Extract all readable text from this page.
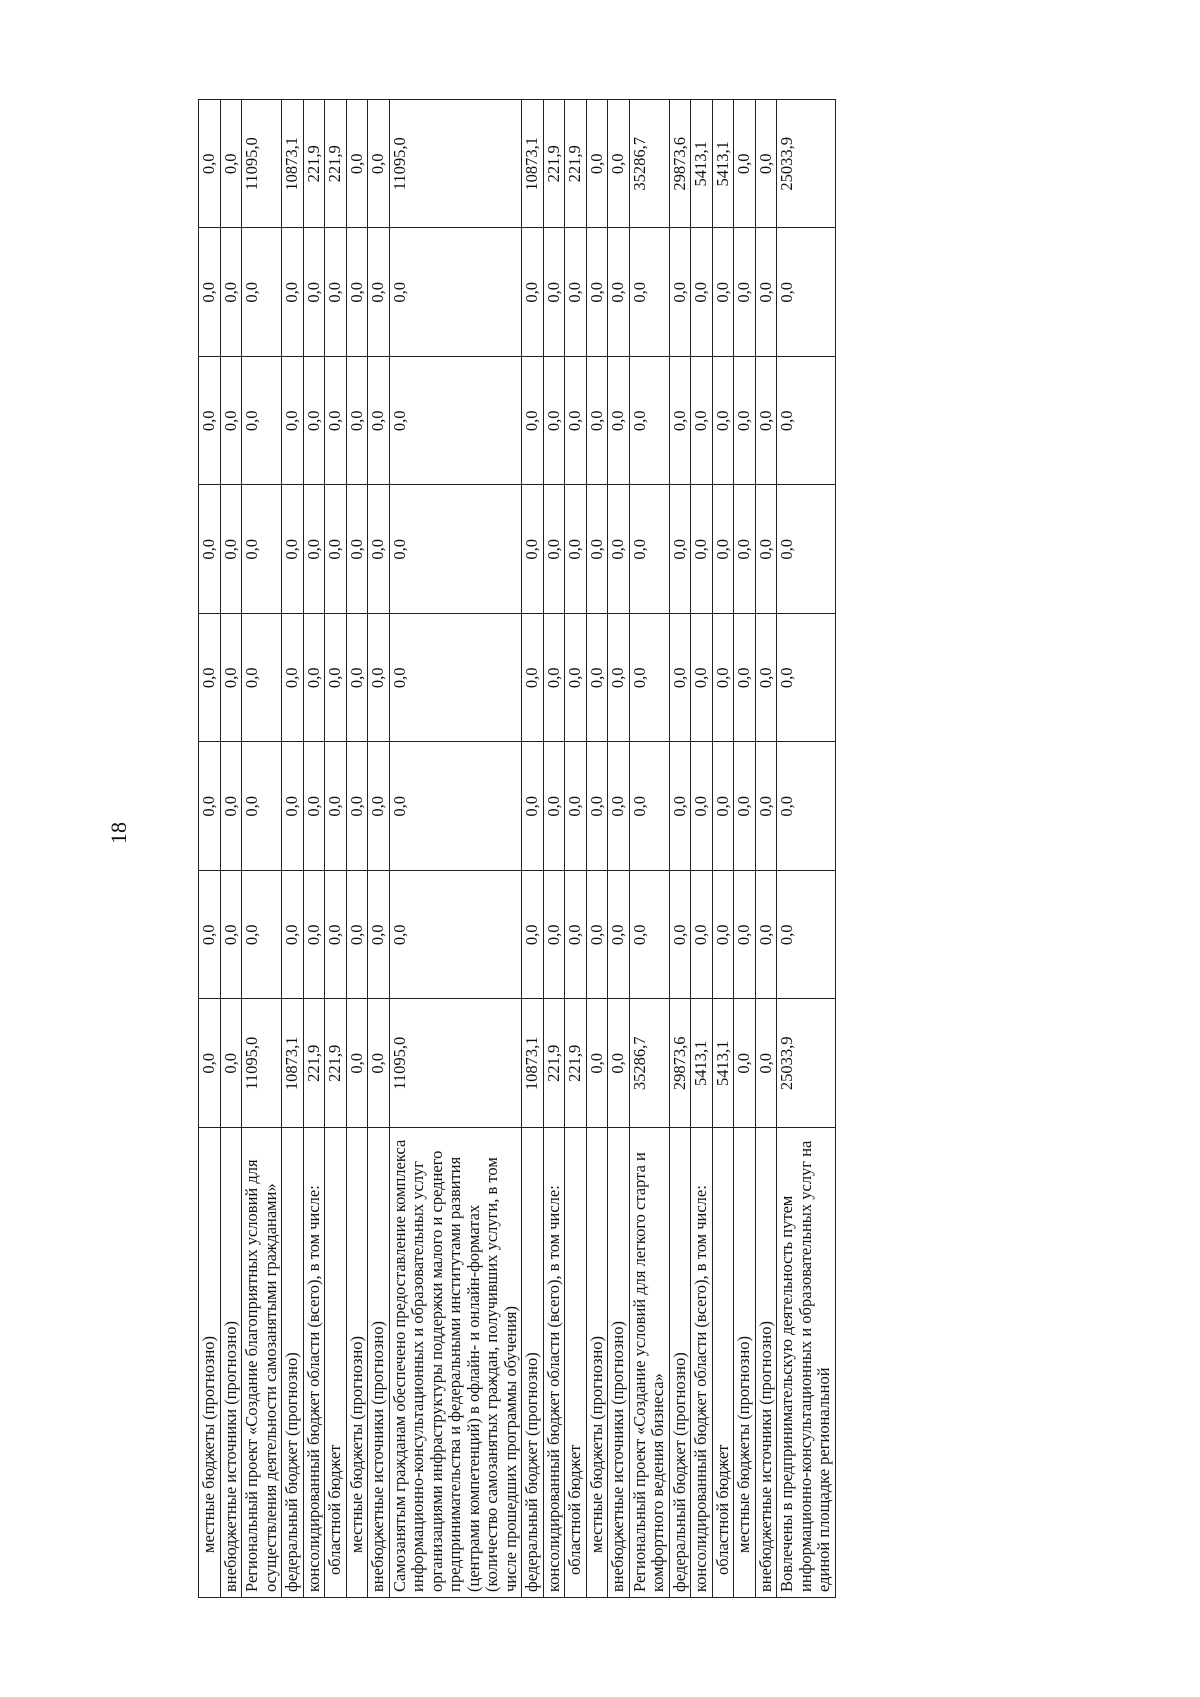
18
местные бюджеты (прогнозно)	0,0	0,0	0,0	0,0	0,0	0,0	0,0	0,0
внебюджетные источники (прогнозно)	0,0	0,0	0,0	0,0	0,0	0,0	0,0	0,0
Региональный проект «Создание благоприятных условий для осуществления деятельности самозанятыми гражданами»	11095,0	0,0	0,0	0,0	0,0	0,0	0,0	11095,0
федеральный бюджет (прогнозно)	10873,1	0,0	0,0	0,0	0,0	0,0	0,0	10873,1
консолидированный бюджет области (всего), в том числе:	221,9	0,0	0,0	0,0	0,0	0,0	0,0	221,9
областной бюджет	221,9	0,0	0,0	0,0	0,0	0,0	0,0	221,9
местные бюджеты (прогнозно)	0,0	0,0	0,0	0,0	0,0	0,0	0,0	0,0
внебюджетные источники (прогнозно)	0,0	0,0	0,0	0,0	0,0	0,0	0,0	0,0
Самозанятым гражданам обеспечено предоставление комплекса информационно-консультационных и образовательных услуг организациями инфраструктуры поддержки малого и среднего предпринимательства и федеральными институтами развития (центрами компетенций) в офлайн- и онлайн-форматах (количество самозанятых граждан, получивших услуги, в том числе прошедших программы обучения)	11095,0	0,0	0,0	0,0	0,0	0,0	0,0	11095,0
федеральный бюджет (прогнозно)	10873,1	0,0	0,0	0,0	0,0	0,0	0,0	10873,1
консолидированный бюджет области (всего), в том числе:	221,9	0,0	0,0	0,0	0,0	0,0	0,0	221,9
областной бюджет	221,9	0,0	0,0	0,0	0,0	0,0	0,0	221,9
местные бюджеты (прогнозно)	0,0	0,0	0,0	0,0	0,0	0,0	0,0	0,0
внебюджетные источники (прогнозно)	0,0	0,0	0,0	0,0	0,0	0,0	0,0	0,0
Региональный проект «Создание условий для легкого старта и комфортного ведения бизнеса»	35286,7	0,0	0,0	0,0	0,0	0,0	0,0	35286,7
федеральный бюджет (прогнозно)	29873,6	0,0	0,0	0,0	0,0	0,0	0,0	29873,6
консолидированный бюджет области (всего), в том числе:	5413,1	0,0	0,0	0,0	0,0	0,0	0,0	5413,1
областной бюджет	5413,1	0,0	0,0	0,0	0,0	0,0	0,0	5413,1
местные бюджеты (прогнозно)	0,0	0,0	0,0	0,0	0,0	0,0	0,0	0,0
внебюджетные источники (прогнозно)	0,0	0,0	0,0	0,0	0,0	0,0	0,0	0,0
Вовлечены в предпринимательскую деятельность путем информационно-консультационных и образовательных услуг на единой площадке региональной	25033,9	0,0	0,0	0,0	0,0	0,0	0,0	25033,9
